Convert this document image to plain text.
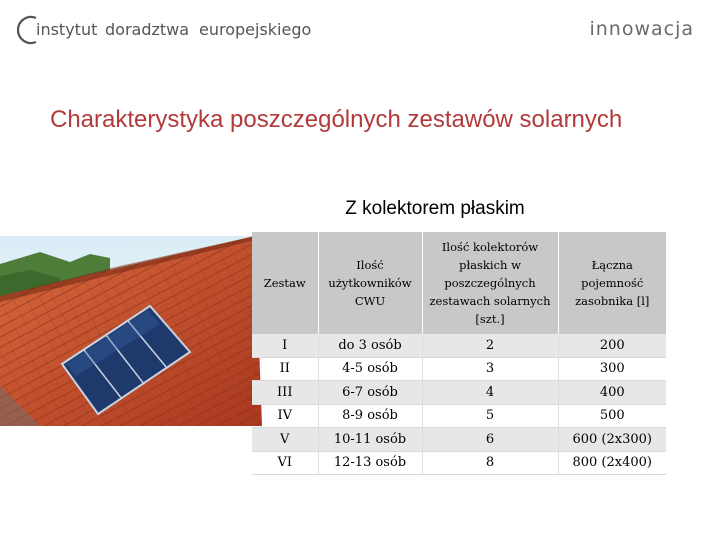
instytut doradztwa europejskiego	innowacja
Charakterystyka poszczególnych zestawów solarnych
Z kolektorem płaskim
Zestaw	Ilość użytkowników CWU	Ilość kolektorów płaskich w poszczególnych zestawach solarnych [szt.]	Łączna pojemność zasobnika [l]
I	do 3 osób	2	200
II	4-5 osób	3	300
III	6-7 osób	4	400
IV	8-9 osób	5	500
V	10-11 osób	6	600 (2x300)
VI	12-13 osób	8	800 (2x400)
